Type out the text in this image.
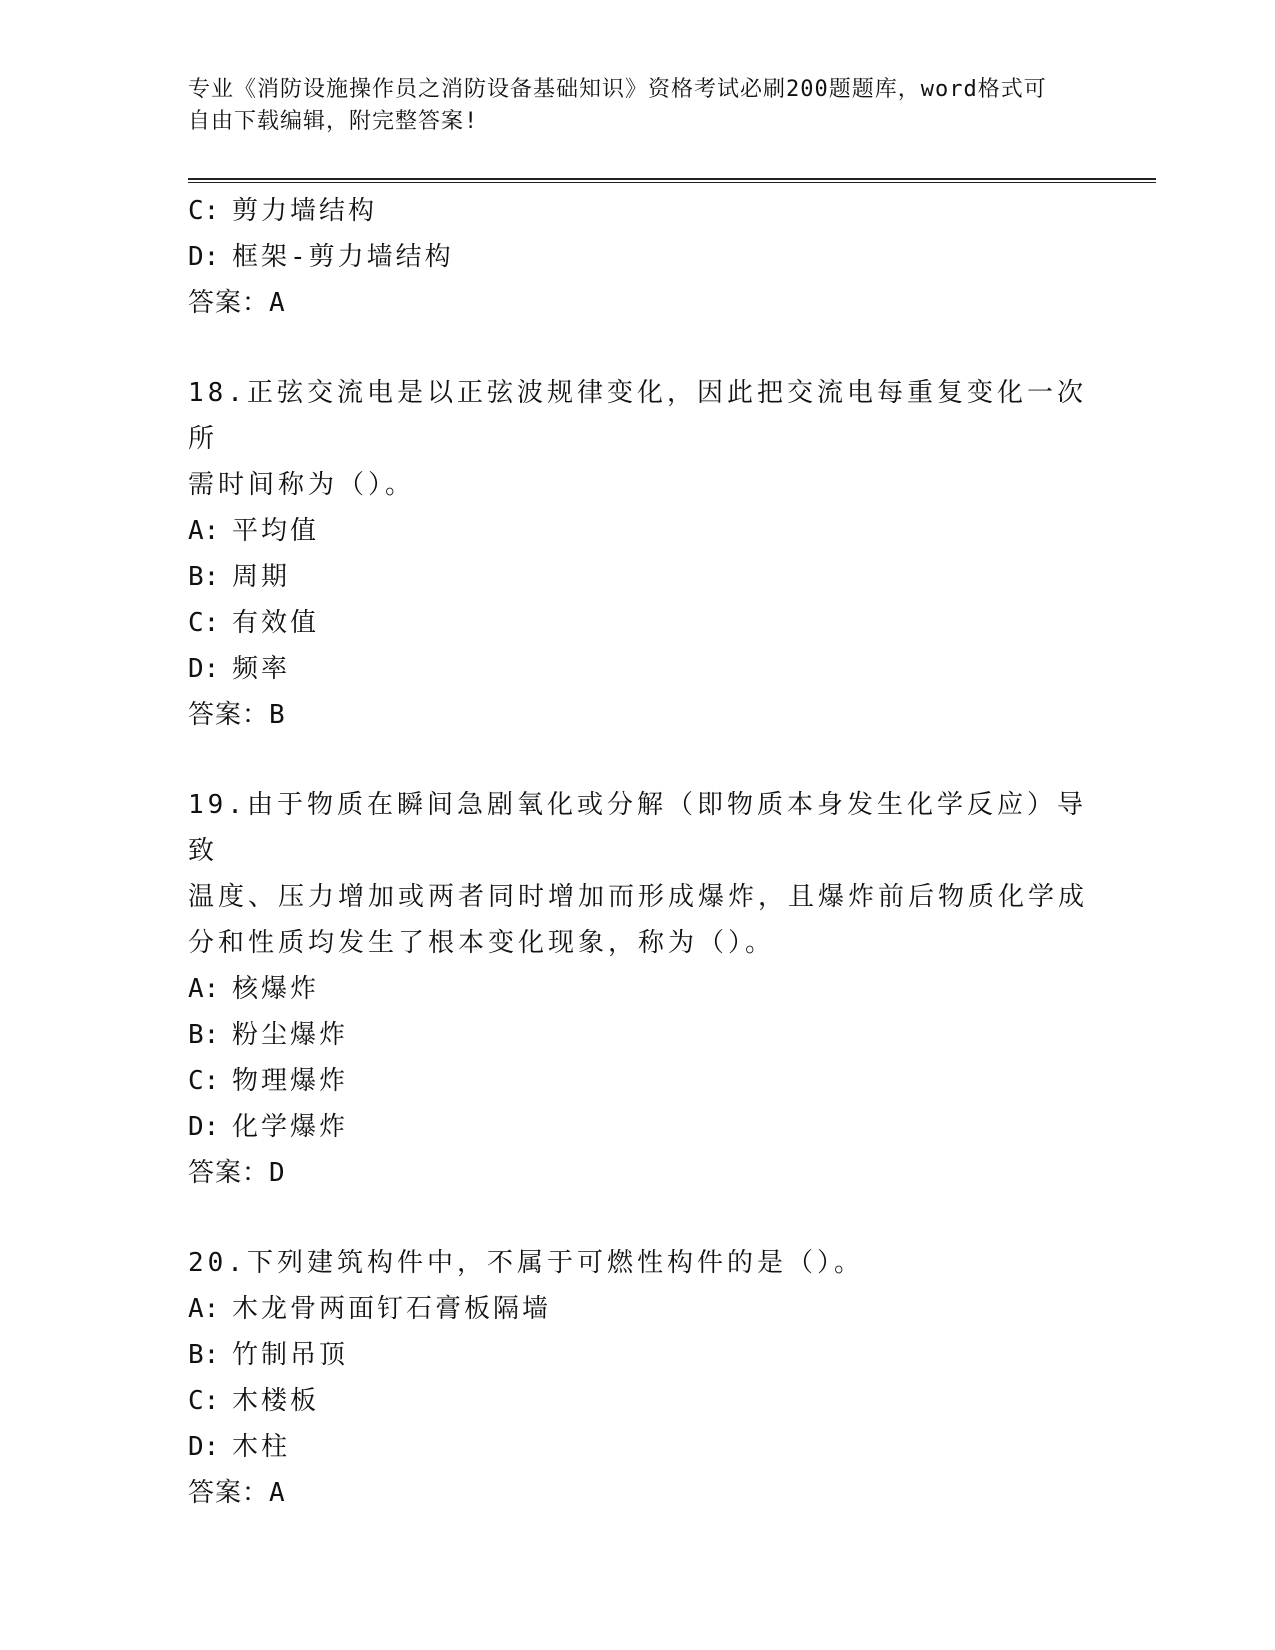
专业《消防设施操作员之消防设备基础知识》资格考试必刷200题题库，word格式可自由下载编辑，附完整答案!
C: 剪力墙结构
D: 框架-剪力墙结构
答案：A
18.正弦交流电是以正弦波规律变化，因此把交流电每重复变化一次所
需时间称为（）。
A: 平均值
B: 周期
C: 有效值
D: 频率
答案：B
19.由于物质在瞬间急剧氧化或分解（即物质本身发生化学反应）导致
温度、压力增加或两者同时增加而形成爆炸，且爆炸前后物质化学成
分和性质均发生了根本变化现象，称为（）。
A: 核爆炸
B: 粉尘爆炸
C: 物理爆炸
D: 化学爆炸
答案：D
20.下列建筑构件中，不属于可燃性构件的是（）。
A: 木龙骨两面钉石膏板隔墙
B: 竹制吊顶
C: 木楼板
D: 木柱
答案：A
